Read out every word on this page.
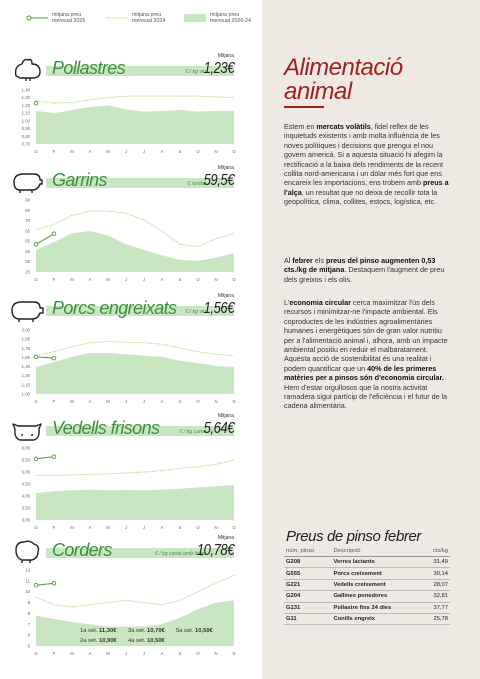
mitjana preu mensual 2025
mitjana preu mensual 2024
mitjana preu mensual 2020-24
Pollastres	€ / kg viu
Mitjana
1,23€
1,40
1,30
1,20
1,10
1,00
0,90
0,80
0,70
G	F	M	A	M	J	J	A	S	O	N	D
Garrins	€ /unitat
Mitjana
59,5€
90
80
70
65
55
45
35
25
G	F	M	A	M	J	J	A	S	O	N	D
Porcs engreixats	€ / kg viu
Mitjana
1,56€
2,00
1,85
1,75
1,60
1,45
1,30
1,15
1,00
G	F	M	A	M	J	J	A	S	O	N	D
Vedells frisons	€ / kg canal
Mitjana
5,64€
6,00
5,50
5,00
4,50
4,00
3,50
3,00
G	F	M	A	M	J	J	A	S	O	N	D
Corders	€ / kg canal amb fetge
Mitjana
10,78€
12
11
10
9
8
7
6
5
G	F	M	A	M	J	J	A	S	O	N	D
1a set. 11,30€ 3a set. 10,70€ 5a set. 10,50€
2a set. 10,90€ 4a set. 10,50€
Alimentació
animal
Estem en mercats volàtils, fidel reflex de les inquietuds existents i amb molta influència de les noves polítiques i decisions que prengui el nou govern americà. Si a aquesta situació hi afegim la rectificació a la baixa dels rendiments de la recent collita nord-americana i un dòlar més fort que ens encareix les importacions, ens trobem amb preus a l'alça, un resultat que no deixa de recollir tota la geopolítica, clima, collites, estocs, logística, etc.
Al febrer els preus del pinso augmenten 0,53 cts./kg de mitjana. Destaquem l'augment de preu dels greixos i els olis.
L'economia circular cerca maximitzar l'ús dels recursos i minimitzar-ne l'impacte ambiental. Els coproductes de les indústries agroalimentàries humanes i energètiques són de gran valor nutritiu per a l'alimentació animal i, alhora, amb un impacte ambiental positiu en reduir el malbaratament. Aquesta acció de sostenibilitat és una realitat i podem quantificar que un 40% de les primeres matèries per a pinsos són d'economia circular. Hem d'estar orgullosos que la nostra activitat ramadera sigui partícip de l'eficiència i el futur de la cadena alimentària.
Preus de pinso febrer
núm. pinso	Descripció	cts/kg
G208	Verres lactants	31,49
G555	Porcs creixement	30,14
G221	Vedells creixement	28,07
G204	Gallines ponedores	32,81
G131	Pollastre fins 24 dies	37,77
G11	Conills engreix	25,78
